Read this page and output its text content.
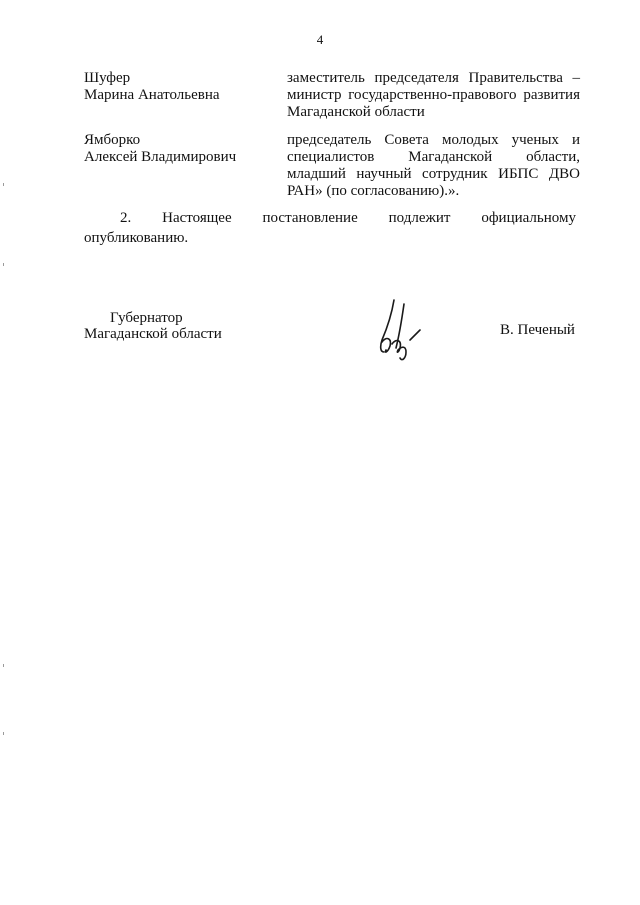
4
Шуфер
Марина Анатольевна
заместитель председателя Правительства –
министр государственно-правового развития
Магаданской области
Ямборко
Алексей Владимирович
председатель Совета молодых ученых и
специалистов Магаданской области,
младший научный сотрудник ИБПС ДВО
РАН» (по согласованию).».
2. Настоящее постановление подлежит официальному
опубликованию.
Губернатор
Магаданской области	В. Печеный
